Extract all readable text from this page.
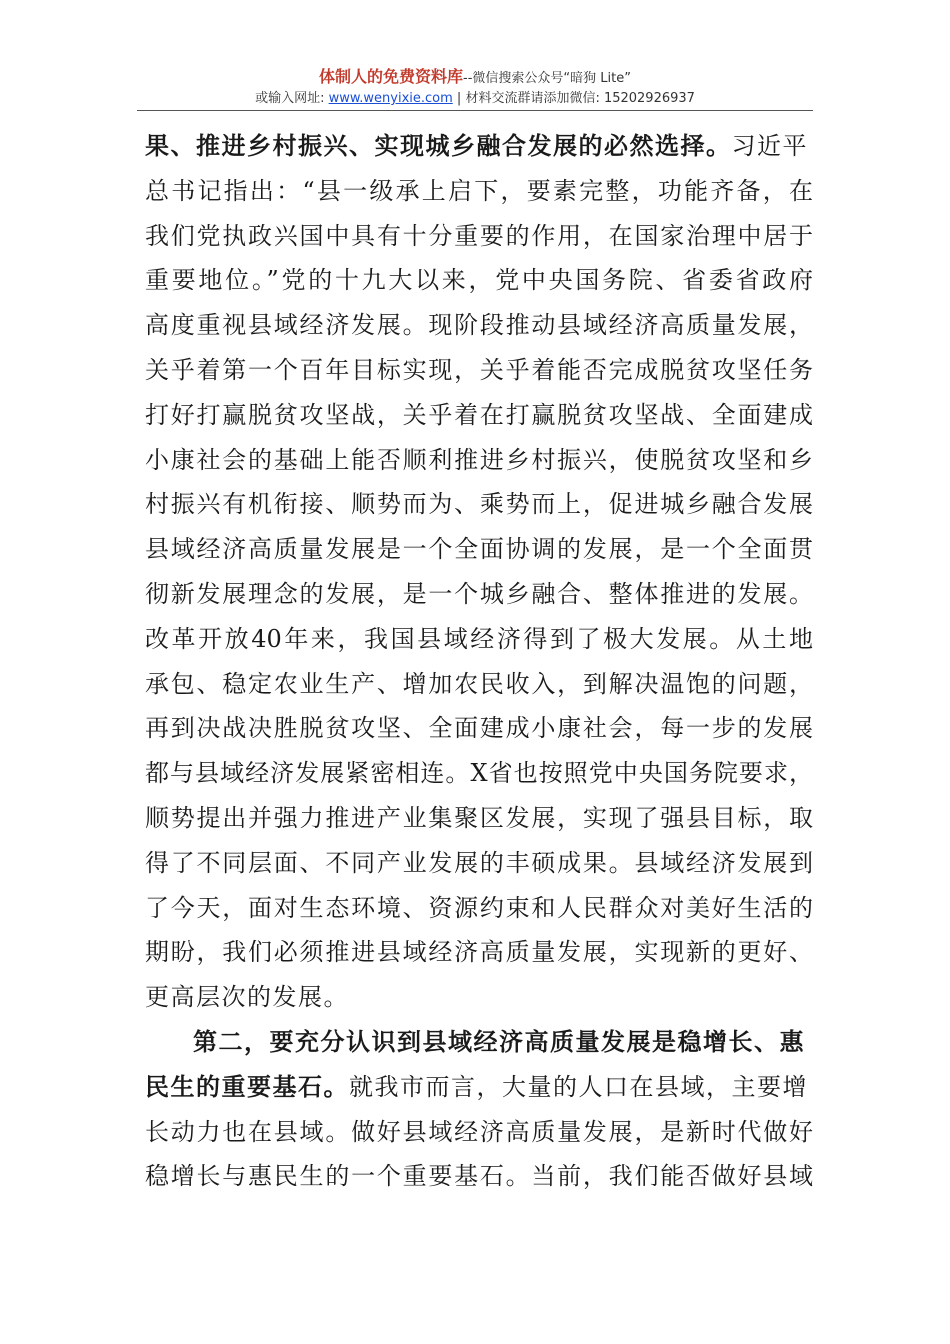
体制人的免费资料库--微信搜索公众号“暗狗 Lite”
或输入网址: www.wenyixie.com | 材料交流群请添加微信: 15202926937
果、推进乡村振兴、实现城乡融合发展的必然选择。习近平
总书记指出：“县一级承上启下，要素完整，功能齐备，在
我们党执政兴国中具有十分重要的作用，在国家治理中居于
重要地位。”党的十九大以来，党中央国务院、省委省政府
高度重视县域经济发展。现阶段推动县域经济高质量发展，
关乎着第一个百年目标实现，关乎着能否完成脱贫攻坚任务
打好打赢脱贫攻坚战，关乎着在打赢脱贫攻坚战、全面建成
小康社会的基础上能否顺利推进乡村振兴，使脱贫攻坚和乡
村振兴有机衔接、顺势而为、乘势而上，促进城乡融合发展
县域经济高质量发展是一个全面协调的发展，是一个全面贯
彻新发展理念的发展，是一个城乡融合、整体推进的发展。
改革开放40年来，我国县域经济得到了极大发展。从土地
承包、稳定农业生产、增加农民收入，到解决温饱的问题，
再到决战决胜脱贫攻坚、全面建成小康社会，每一步的发展
都与县域经济发展紧密相连。X省也按照党中央国务院要求，
顺势提出并强力推进产业集聚区发展，实现了强县目标，取
得了不同层面、不同产业发展的丰硕成果。县域经济发展到
了今天，面对生态环境、资源约束和人民群众对美好生活的
期盼，我们必须推进县域经济高质量发展，实现新的更好、
更高层次的发展。
第二，要充分认识到县域经济高质量发展是稳增长、惠
民生的重要基石。就我市而言，大量的人口在县域，主要增
长动力也在县域。做好县域经济高质量发展，是新时代做好
稳增长与惠民生的一个重要基石。当前，我们能否做好县域
